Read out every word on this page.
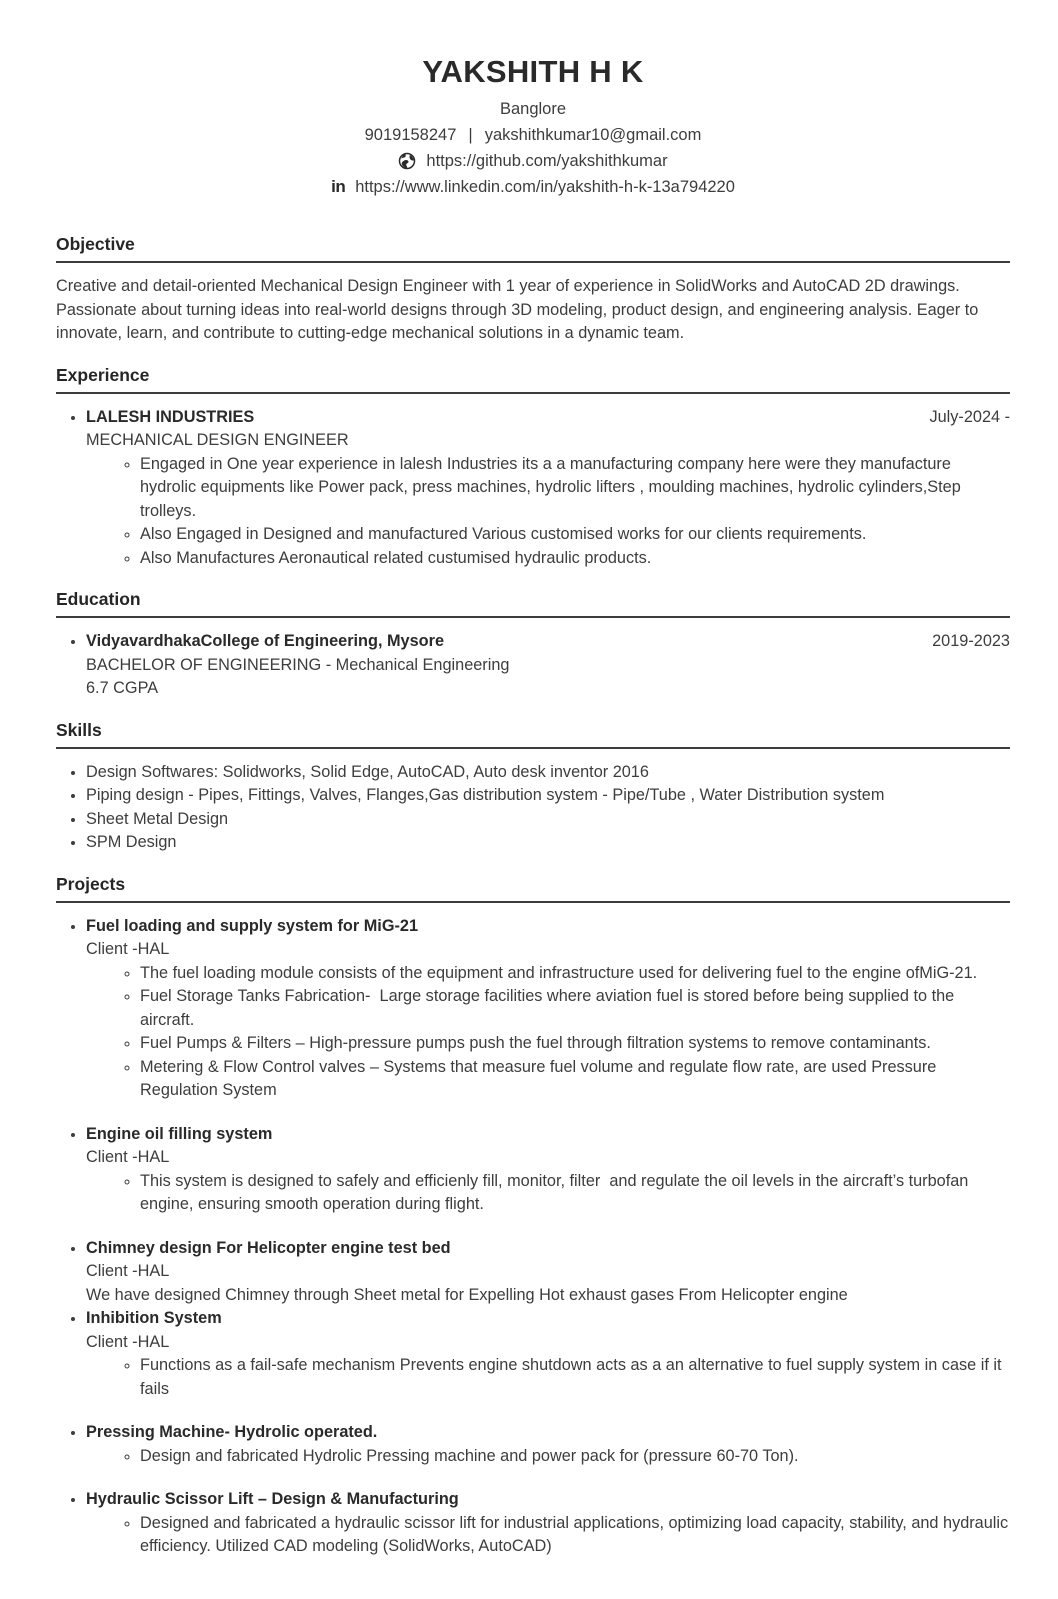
YAKSHITH H K
Banglore
9019158247 | yakshithkumar10@gmail.com
https://github.com/yakshithkumar
in https://www.linkedin.com/in/yakshith-h-k-13a794220
Objective

Creative and detail-oriented Mechanical Design Engineer with 1 year of experience in SolidWorks and AutoCAD 2D drawings. Passionate about turning ideas into real-world designs through 3D modeling, product design, and engineering analysis. Eager to innovate, learn, and contribute to cutting-edge mechanical solutions in a dynamic team.

Experience
• LALESH INDUSTRIES	July-2024 -
MECHANICAL DESIGN ENGINEER
◦ Engaged in One year experience in lalesh Industries its a a manufacturing company here were they manufacture hydrolic equipments like Power pack, press machines, hydrolic lifters , moulding machines, hydrolic cylinders,Step trolleys.
◦ Also Engaged in Designed and manufactured Various customised works for our clients requirements.
◦ Also Manufactures Aeronautical related custumised hydraulic products.
Education
• VidyavardhakaCollege of Engineering, Mysore	2019-2023
BACHELOR OF ENGINEERING - Mechanical Engineering
6.7 CGPA
Skills
• Design Softwares: Solidworks, Solid Edge, AutoCAD, Auto desk inventor 2016
• Piping design - Pipes, Fittings, Valves, Flanges,Gas distribution system - Pipe/Tube , Water Distribution system
• Sheet Metal Design
• SPM Design
Projects
• Fuel loading and supply system for MiG-21
Client -HAL
◦ The fuel loading module consists of the equipment and infrastructure used for delivering fuel to the engine ofMiG-21.
◦ Fuel Storage Tanks Fabrication-  Large storage facilities where aviation fuel is stored before being supplied to the aircraft.
◦ Fuel Pumps & Filters – High-pressure pumps push the fuel through filtration systems to remove contaminants.
◦ Metering & Flow Control valves – Systems that measure fuel volume and regulate flow rate, are used Pressure Regulation System
• Engine oil filling system
Client -HAL
◦ This system is designed to safely and efficienly fill, monitor, filter  and regulate the oil levels in the aircraft’s turbofan engine, ensuring smooth operation during flight.
• Chimney design For Helicopter engine test bed
Client -HAL
We have designed Chimney through Sheet metal for Expelling Hot exhaust gases From Helicopter engine
• Inhibition System
Client -HAL
◦ Functions as a fail-safe mechanism Prevents engine shutdown acts as a an alternative to fuel supply system in case if it fails
• Pressing Machine- Hydrolic operated.
◦ Design and fabricated Hydrolic Pressing machine and power pack for (pressure 60-70 Ton).
• Hydraulic Scissor Lift – Design & Manufacturing
◦ Designed and fabricated a hydraulic scissor lift for industrial applications, optimizing load capacity, stability, and hydraulic efficiency. Utilized CAD modeling (SolidWorks, AutoCAD)
